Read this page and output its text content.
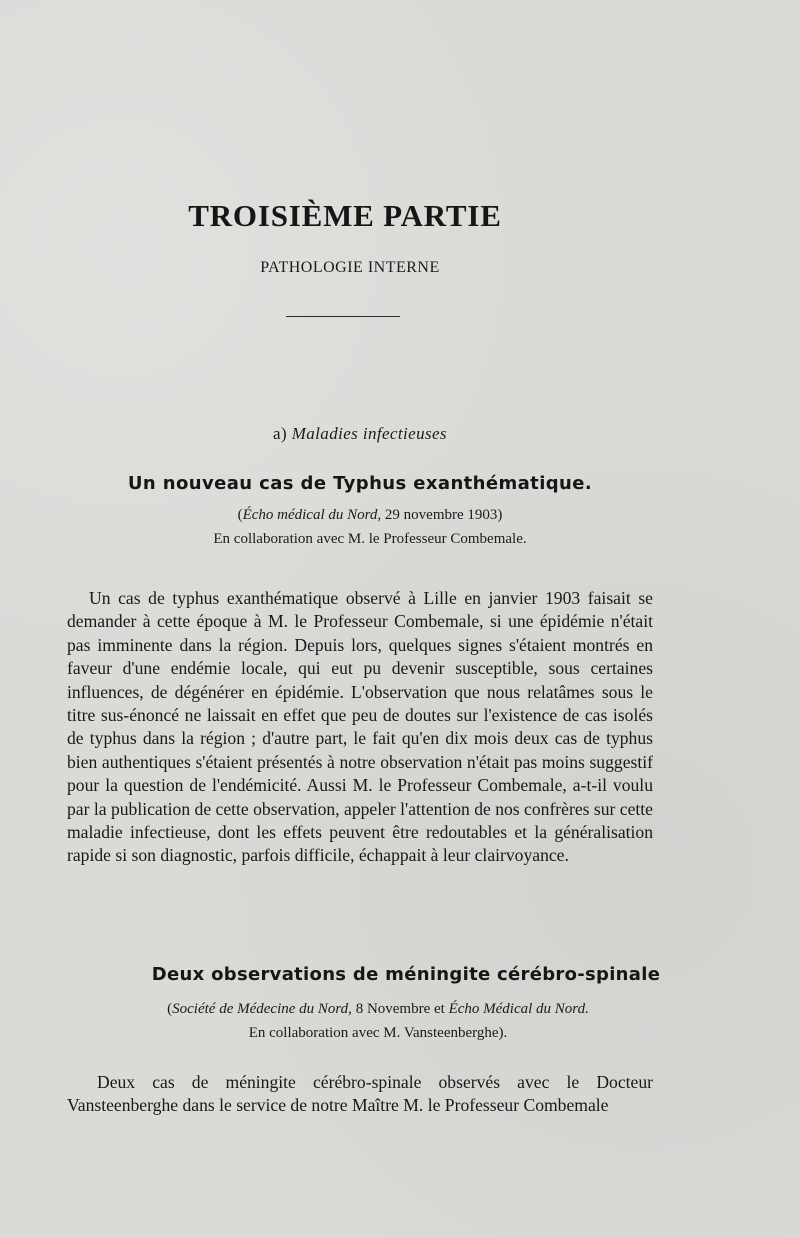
TROISIÈME PARTIE
PATHOLOGIE INTERNE
a) Maladies infectieuses
Un nouveau cas de Typhus exanthématique.
(Écho médical du Nord, 29 novembre 1903)
En collaboration avec M. le Professeur Combemale.
Un cas de typhus exanthématique observé à Lille en janvier 1903 faisait se demander à cette époque à M. le Professeur Combemale, si une épidémie n'était pas imminente dans la région. Depuis lors, quelques signes s'étaient montrés en faveur d'une endémie locale, qui eut pu devenir susceptible, sous certaines influences, de dégénérer en épidémie. L'observation que nous relatâmes sous le titre sus-énoncé ne laissait en effet que peu de doutes sur l'existence de cas isolés de typhus dans la région ; d'autre part, le fait qu'en dix mois deux cas de typhus bien authentiques s'étaient présentés à notre observation n'était pas moins suggestif pour la question de l'endémicité. Aussi M. le Professeur Combemale, a-t-il voulu par la publication de cette observation, appeler l'attention de nos confrères sur cette maladie infectieuse, dont les effets peuvent être redoutables et la généralisation rapide si son diagnostic, parfois difficile, échappait à leur clairvoyance.
Deux observations de méningite cérébro-spinale
(Société de Médecine du Nord, 8 Novembre et Écho Médical du Nord.
En collaboration avec M. Vansteenberghe).
Deux cas de méningite cérébro-spinale observés avec le Docteur Vansteenberghe dans le service de notre Maître M. le Professeur Combemale
